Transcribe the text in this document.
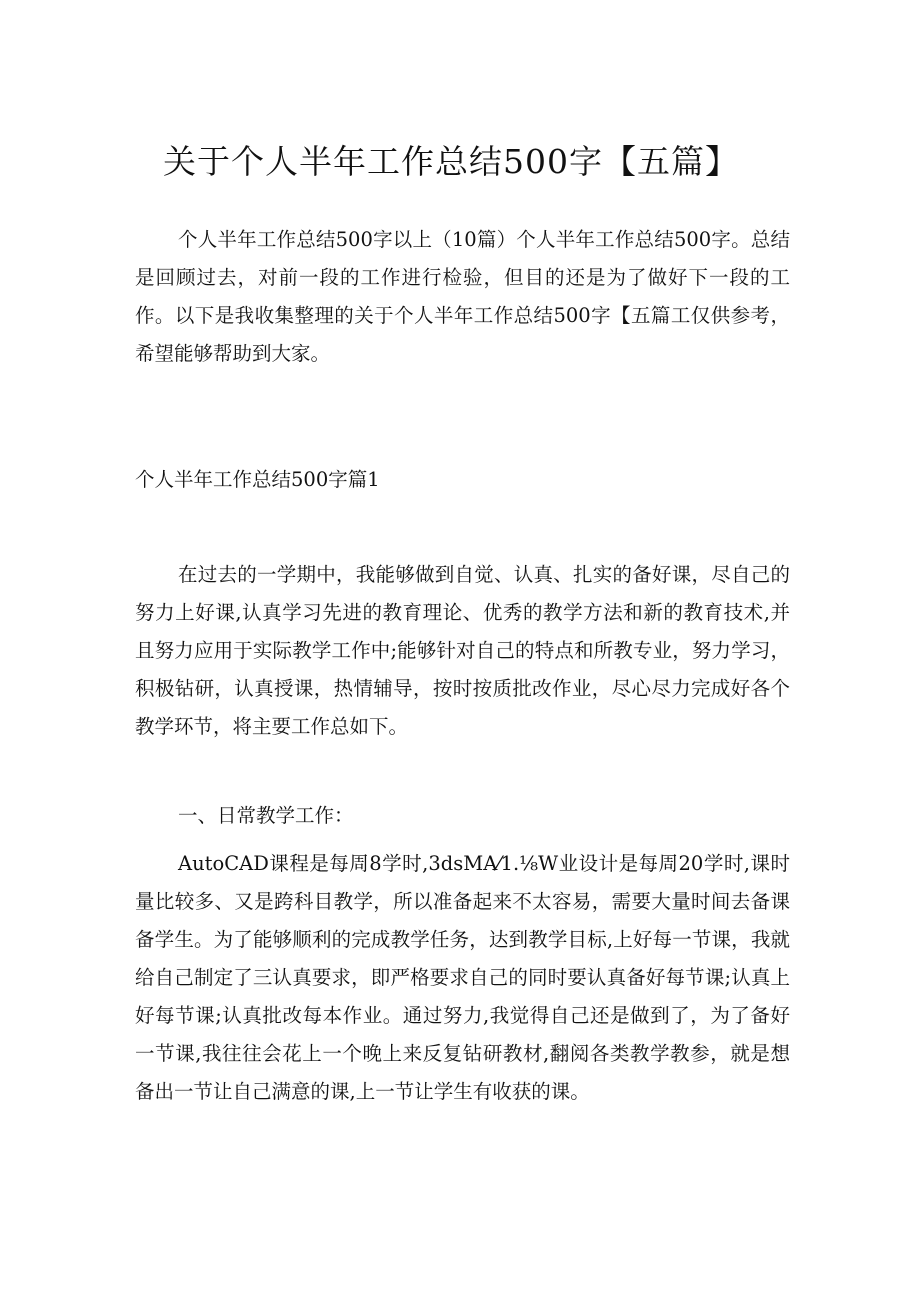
关于个人半年工作总结500字【五篇】

个人半年工作总结500字以上（10篇）个人半年工作总结500字。总结是回顾过去，对前一段的工作进行检验，但目的还是为了做好下一段的工作。以下是我收集整理的关于个人半年工作总结500字【五篇工仅供参考，希望能够帮助到大家。

个人半年工作总结500字篇1

在过去的一学期中，我能够做到自觉、认真、扎实的备好课，尽自己的努力上好课,认真学习先进的教育理论、优秀的教学方法和新的教育技术,并且努力应用于实际教学工作中;能够针对自己的特点和所教专业，努力学习，积极钻研，认真授课，热情辅导，按时按质批改作业，尽心尽力完成好各个教学环节，将主要工作总如下。

一、日常教学工作：

AutoCAD课程是每周8学时,3dsMA⁄1.⅛W业设计是每周20学时,课时量比较多、又是跨科目教学，所以准备起来不太容易，需要大量时间去备课备学生。为了能够顺利的完成教学任务，达到教学目标,上好每一节课，我就给自己制定了三认真要求，即严格要求自己的同时要认真备好每节课;认真上好每节课;认真批改每本作业。通过努力,我觉得自己还是做到了，为了备好一节课,我往往会花上一个晚上来反复钻研教材,翻阅各类教学教参，就是想备出一节让自己满意的课,上一节让学生有收获的课。
